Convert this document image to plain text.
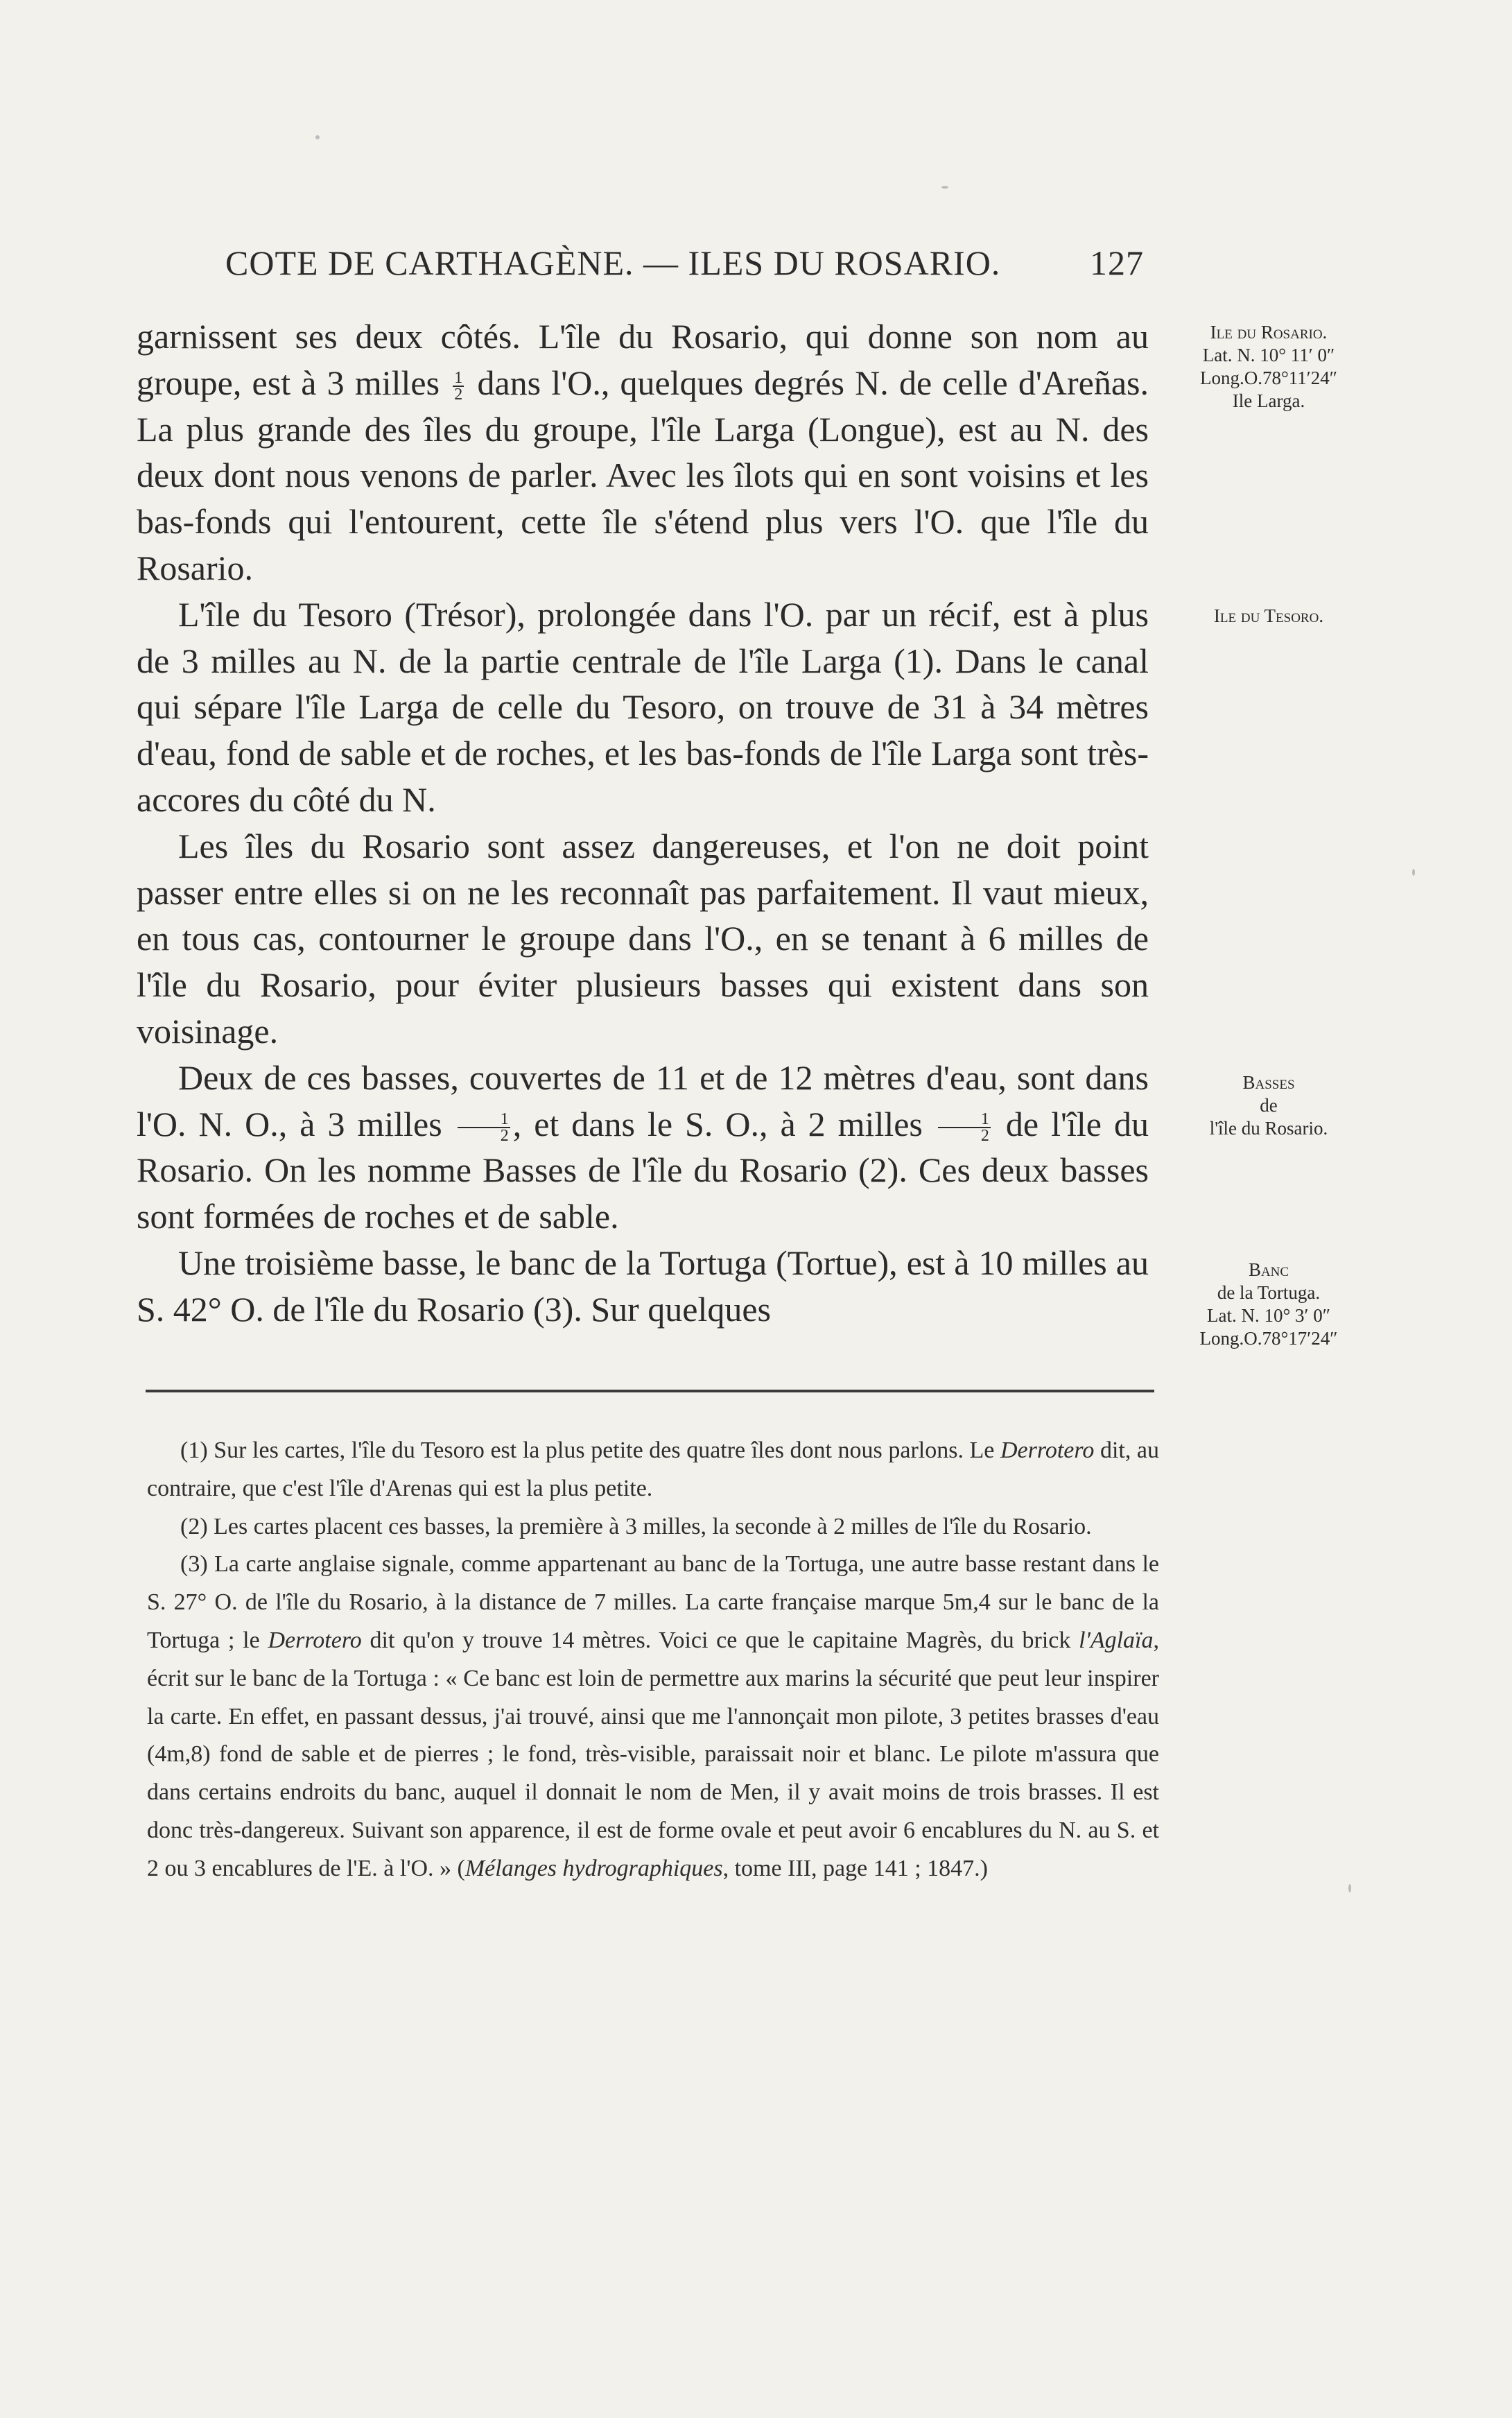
COTE DE CARTHAGÈNE. — ILES DU ROSARIO.	127

garnissent ses deux côtés. L'île du Rosario, qui donne son nom au groupe, est à 3 milles $\frac{1}{2}$ dans l'O., quelques degrés N. de celle d'Areñas. La plus grande des îles du groupe, l'île Larga (Longue), est au N. des deux dont nous venons de parler. Avec les îlots qui en sont voisins et les bas-fonds qui l'entourent, cette île s'étend plus vers l'O. que l'île du Rosario.

L'île du Tesoro (Trésor), prolongée dans l'O. par un récif, est à plus de 3 milles au N. de la partie centrale de l'île Larga (1). Dans le canal qui sépare l'île Larga de celle du Tesoro, on trouve de 31 à 34 mètres d'eau, fond de sable et de roches, et les bas-fonds de l'île Larga sont très-accores du côté du N.

Les îles du Rosario sont assez dangereuses, et l'on ne doit point passer entre elles si on ne les reconnaît pas parfaitement. Il vaut mieux, en tous cas, contourner le groupe dans l'O., en se tenant à 6 milles de l'île du Rosario, pour éviter plusieurs basses qui existent dans son voisinage.

Deux de ces basses, couvertes de 11 et de 12 mètres d'eau, sont dans l'O. N. O., à 3 milles $\frac{1}{2}$ , et dans le S. O., à 2 milles $\frac{1}{2}$ de l'île du Rosario. On les nomme Basses de l'île du Rosario (2). Ces deux basses sont formées de roches et de sable.

Une troisième basse, le banc de la Tortuga (Tortue), est à 10 milles au S. 42° O. de l'île du Rosario (3). Sur quelques

Ile du Rosario.
Lat. N. 10° 11′ 0″
Long.O.78°11′24″
Ile Larga.
Ile du Tesoro.
Basses
de
l'île du Rosario.
Banc
de la Tortuga.
Lat. N. 10° 3′ 0″
Long.O.78°17′24″

(1) Sur les cartes, l'île du Tesoro est la plus petite des quatre îles dont nous parlons. Le Derrotero dit, au contraire, que c'est l'île d'Arenas qui est la plus petite.

(2) Les cartes placent ces basses, la première à 3 milles, la seconde à 2 milles de l'île du Rosario.

(3) La carte anglaise signale, comme appartenant au banc de la Tortuga, une autre basse restant dans le S. 27° O. de l'île du Rosario, à la distance de 7 milles. La carte française marque 5m,4 sur le banc de la Tortuga ; le Derrotero dit qu'on y trouve 14 mètres. Voici ce que le capitaine Magrès, du brick l'Aglaïa, écrit sur le banc de la Tortuga : « Ce banc est loin de permettre aux marins la sécurité que peut leur inspirer la carte. En effet, en passant dessus, j'ai trouvé, ainsi que me l'annonçait mon pilote, 3 petites brasses d'eau (4m,8) fond de sable et de pierres ; le fond, très-visible, paraissait noir et blanc. Le pilote m'assura que dans certains endroits du banc, auquel il donnait le nom de Men, il y avait moins de trois brasses. Il est donc très-dangereux. Suivant son apparence, il est de forme ovale et peut avoir 6 encablures du N. au S. et 2 ou 3 encablures de l'E. à l'O. » (Mélanges hydrographiques, tome III, page 141 ; 1847.)
